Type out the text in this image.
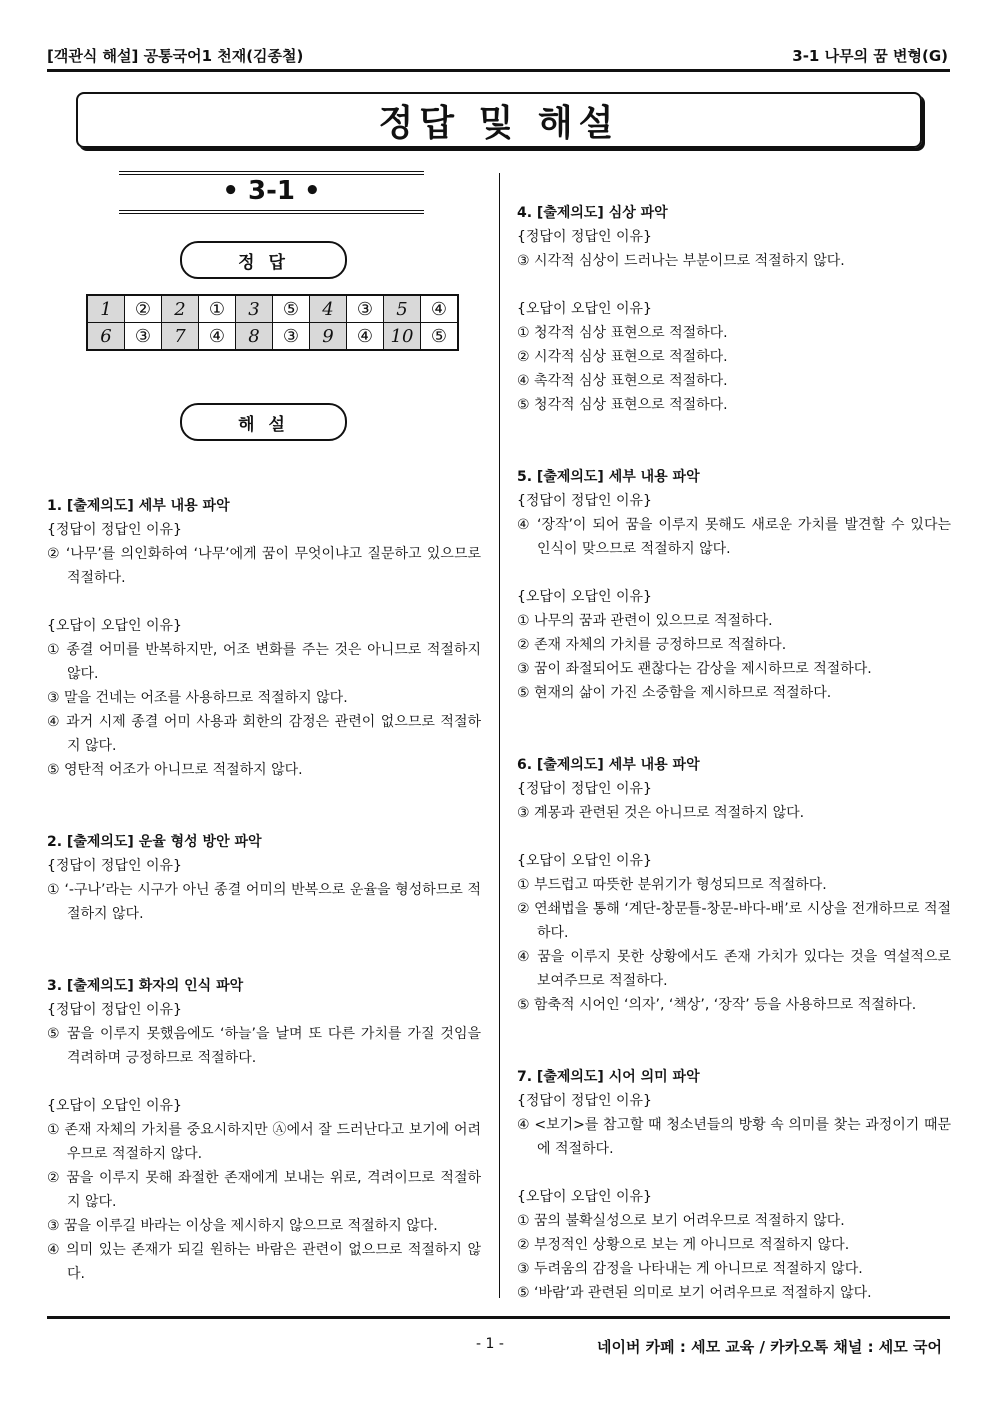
[객관식 해설] 공통국어1 천재(김종철)	3-1 나무의 꿈 변형(G)
정답 및 해설
• 3-1 •
정 답
1	②	2	①	3	⑤	4	③	5	④
6	③	7	④	8	③	9	④	10	⑤
해 설
1. [출제의도] 세부 내용 파악
{정답이 정답인 이유}
② ‘나무’를 의인화하여 ‘나무’에게 꿈이 무엇이냐고 질문하고 있으므로 적절하다.
{오답이 오답인 이유}
① 종결 어미를 반복하지만, 어조 변화를 주는 것은 아니므로 적절하지 않다.
③ 말을 건네는 어조를 사용하므로 적절하지 않다.
④ 과거 시제 종결 어미 사용과 회한의 감정은 관련이 없으므로 적절하지 않다.
⑤ 영탄적 어조가 아니므로 적절하지 않다.
2. [출제의도] 운율 형성 방안 파악
{정답이 정답인 이유}
① ‘-구나’라는 시구가 아닌 종결 어미의 반복으로 운율을 형성하므로 적절하지 않다.
3. [출제의도] 화자의 인식 파악
{정답이 정답인 이유}
⑤ 꿈을 이루지 못했음에도 ‘하늘’을 날며 또 다른 가치를 가질 것임을 격려하며 긍정하므로 적절하다.
{오답이 오답인 이유}
① 존재 자체의 가치를 중요시하지만 Ⓐ에서 잘 드러난다고 보기에 어려우므로 적절하지 않다.
② 꿈을 이루지 못해 좌절한 존재에게 보내는 위로, 격려이므로 적절하지 않다.
③ 꿈을 이루길 바라는 이상을 제시하지 않으므로 적절하지 않다.
④ 의미 있는 존재가 되길 원하는 바람은 관련이 없으므로 적절하지 않다.
4. [출제의도] 심상 파악
{정답이 정답인 이유}
③ 시각적 심상이 드러나는 부분이므로 적절하지 않다.
{오답이 오답인 이유}
① 청각적 심상 표현으로 적절하다.
② 시각적 심상 표현으로 적절하다.
④ 촉각적 심상 표현으로 적절하다.
⑤ 청각적 심상 표현으로 적절하다.
5. [출제의도] 세부 내용 파악
{정답이 정답인 이유}
④ ‘장작’이 되어 꿈을 이루지 못해도 새로운 가치를 발견할 수 있다는 인식이 맞으므로 적절하지 않다.
{오답이 오답인 이유}
① 나무의 꿈과 관련이 있으므로 적절하다.
② 존재 자체의 가치를 긍정하므로 적절하다.
③ 꿈이 좌절되어도 괜찮다는 감상을 제시하므로 적절하다.
⑤ 현재의 삶이 가진 소중함을 제시하므로 적절하다.
6. [출제의도] 세부 내용 파악
{정답이 정답인 이유}
③ 계몽과 관련된 것은 아니므로 적절하지 않다.
{오답이 오답인 이유}
① 부드럽고 따뜻한 분위기가 형성되므로 적절하다.
② 연쇄법을 통해 ‘계단-창문틀-창문-바다-배’로 시상을 전개하므로 적절하다.
④ 꿈을 이루지 못한 상황에서도 존재 가치가 있다는 것을 역설적으로 보여주므로 적절하다.
⑤ 함축적 시어인 ‘의자’, ‘책상’, ‘장작’ 등을 사용하므로 적절하다.
7. [출제의도] 시어 의미 파악
{정답이 정답인 이유}
④ <보기>를 참고할 때 청소년들의 방황 속 의미를 찾는 과정이기 때문에 적절하다.
{오답이 오답인 이유}
① 꿈의 불확실성으로 보기 어려우므로 적절하지 않다.
② 부정적인 상황으로 보는 게 아니므로 적절하지 않다.
③ 두려움의 감정을 나타내는 게 아니므로 적절하지 않다.
⑤ ‘바람’과 관련된 의미로 보기 어려우므로 적절하지 않다.
- 1 -	네이버 카페 : 세모 교육 / 카카오톡 채널 : 세모 국어
